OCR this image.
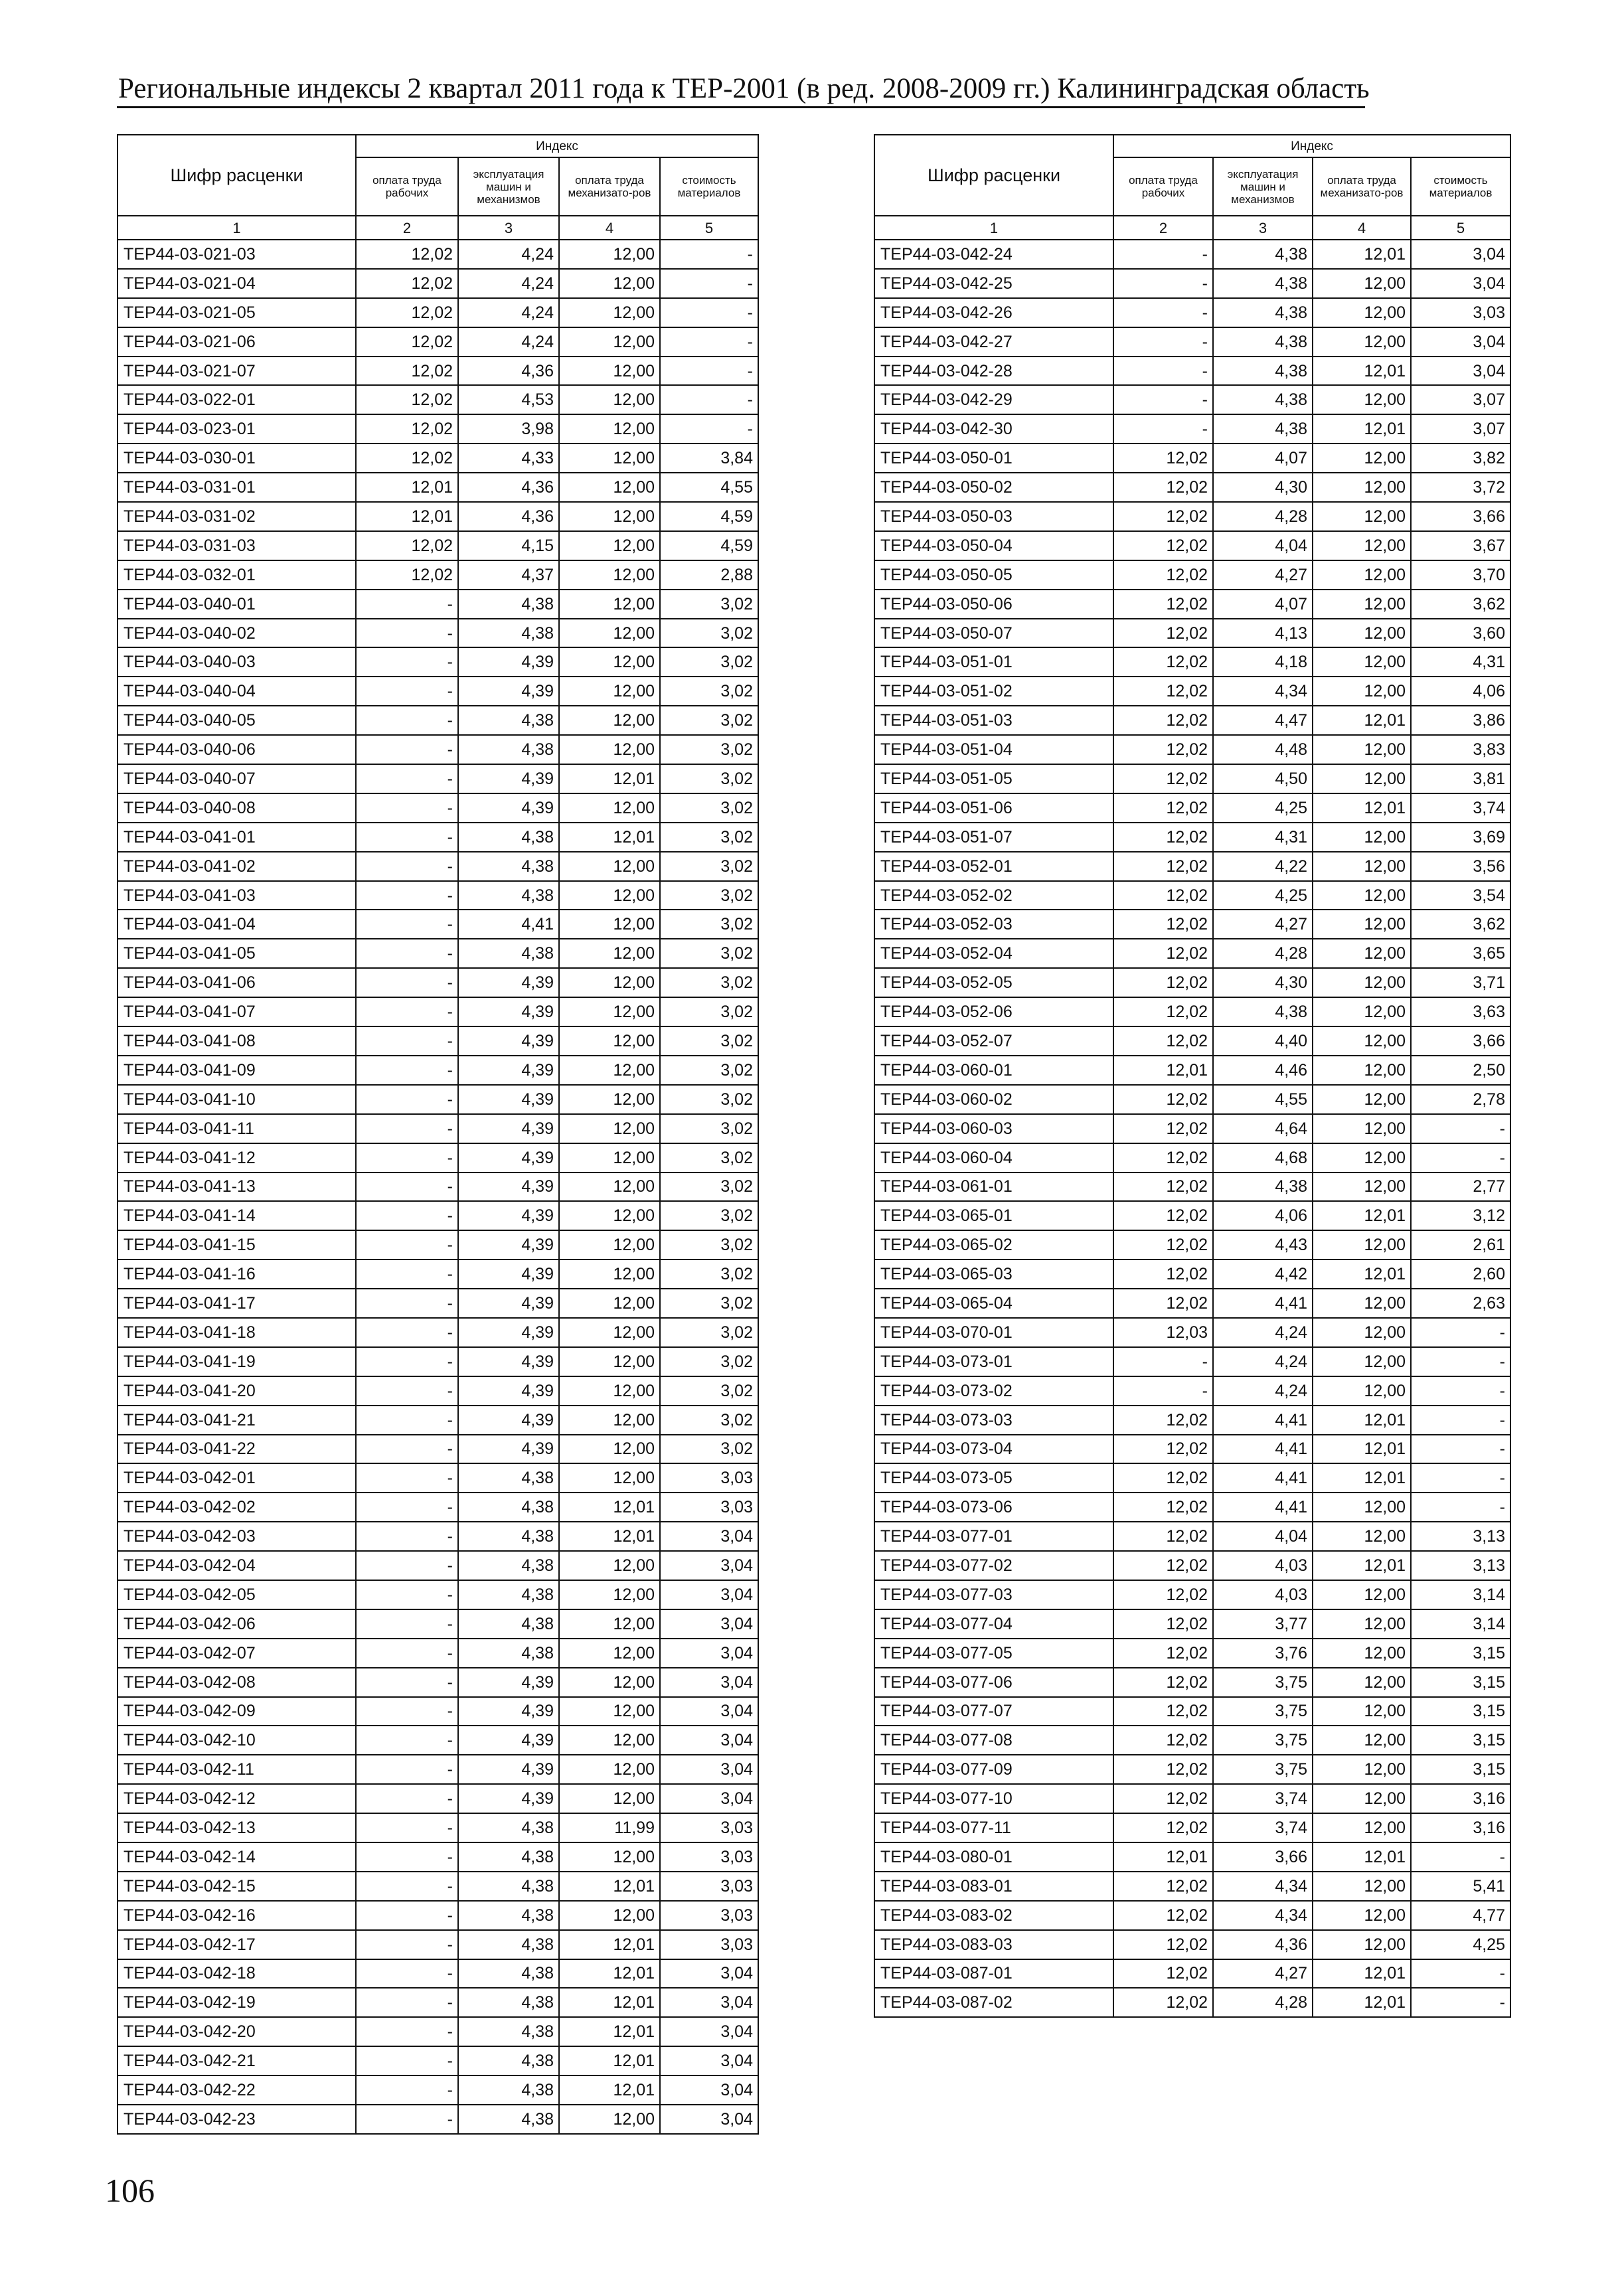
Региональные индексы 2 квартал 2011 года к ТЕР-2001 (в ред. 2008-2009 гг.) Калининградская область
Шифр расценки	Индекс			
	оплата труда рабочих	эксплуатация машин и механизмов	оплата труда механизато-ров	стоимость материалов
1	2	3	4	5
ТЕР44-03-021-03	12,02	4,24	12,00	-
ТЕР44-03-021-04	12,02	4,24	12,00	-
ТЕР44-03-021-05	12,02	4,24	12,00	-
ТЕР44-03-021-06	12,02	4,24	12,00	-
ТЕР44-03-021-07	12,02	4,36	12,00	-
ТЕР44-03-022-01	12,02	4,53	12,00	-
ТЕР44-03-023-01	12,02	3,98	12,00	-
ТЕР44-03-030-01	12,02	4,33	12,00	3,84
ТЕР44-03-031-01	12,01	4,36	12,00	4,55
ТЕР44-03-031-02	12,01	4,36	12,00	4,59
ТЕР44-03-031-03	12,02	4,15	12,00	4,59
ТЕР44-03-032-01	12,02	4,37	12,00	2,88
ТЕР44-03-040-01	-	4,38	12,00	3,02
ТЕР44-03-040-02	-	4,38	12,00	3,02
ТЕР44-03-040-03	-	4,39	12,00	3,02
ТЕР44-03-040-04	-	4,39	12,00	3,02
ТЕР44-03-040-05	-	4,38	12,00	3,02
ТЕР44-03-040-06	-	4,38	12,00	3,02
ТЕР44-03-040-07	-	4,39	12,01	3,02
ТЕР44-03-040-08	-	4,39	12,00	3,02
ТЕР44-03-041-01	-	4,38	12,01	3,02
ТЕР44-03-041-02	-	4,38	12,00	3,02
ТЕР44-03-041-03	-	4,38	12,00	3,02
ТЕР44-03-041-04	-	4,41	12,00	3,02
ТЕР44-03-041-05	-	4,38	12,00	3,02
ТЕР44-03-041-06	-	4,39	12,00	3,02
ТЕР44-03-041-07	-	4,39	12,00	3,02
ТЕР44-03-041-08	-	4,39	12,00	3,02
ТЕР44-03-041-09	-	4,39	12,00	3,02
ТЕР44-03-041-10	-	4,39	12,00	3,02
ТЕР44-03-041-11	-	4,39	12,00	3,02
ТЕР44-03-041-12	-	4,39	12,00	3,02
ТЕР44-03-041-13	-	4,39	12,00	3,02
ТЕР44-03-041-14	-	4,39	12,00	3,02
ТЕР44-03-041-15	-	4,39	12,00	3,02
ТЕР44-03-041-16	-	4,39	12,00	3,02
ТЕР44-03-041-17	-	4,39	12,00	3,02
ТЕР44-03-041-18	-	4,39	12,00	3,02
ТЕР44-03-041-19	-	4,39	12,00	3,02
ТЕР44-03-041-20	-	4,39	12,00	3,02
ТЕР44-03-041-21	-	4,39	12,00	3,02
ТЕР44-03-041-22	-	4,39	12,00	3,02
ТЕР44-03-042-01	-	4,38	12,00	3,03
ТЕР44-03-042-02	-	4,38	12,01	3,03
ТЕР44-03-042-03	-	4,38	12,01	3,04
ТЕР44-03-042-04	-	4,38	12,00	3,04
ТЕР44-03-042-05	-	4,38	12,00	3,04
ТЕР44-03-042-06	-	4,38	12,00	3,04
ТЕР44-03-042-07	-	4,38	12,00	3,04
ТЕР44-03-042-08	-	4,39	12,00	3,04
ТЕР44-03-042-09	-	4,39	12,00	3,04
ТЕР44-03-042-10	-	4,39	12,00	3,04
ТЕР44-03-042-11	-	4,39	12,00	3,04
ТЕР44-03-042-12	-	4,39	12,00	3,04
ТЕР44-03-042-13	-	4,38	11,99	3,03
ТЕР44-03-042-14	-	4,38	12,00	3,03
ТЕР44-03-042-15	-	4,38	12,01	3,03
ТЕР44-03-042-16	-	4,38	12,00	3,03
ТЕР44-03-042-17	-	4,38	12,01	3,03
ТЕР44-03-042-18	-	4,38	12,01	3,04
ТЕР44-03-042-19	-	4,38	12,01	3,04
ТЕР44-03-042-20	-	4,38	12,01	3,04
ТЕР44-03-042-21	-	4,38	12,01	3,04
ТЕР44-03-042-22	-	4,38	12,01	3,04
ТЕР44-03-042-23	-	4,38	12,00	3,04
Шифр расценки	Индекс			
	оплата труда рабочих	эксплуатация машин и механизмов	оплата труда механизато-ров	стоимость материалов
1	2	3	4	5
ТЕР44-03-042-24	-	4,38	12,01	3,04
ТЕР44-03-042-25	-	4,38	12,00	3,04
ТЕР44-03-042-26	-	4,38	12,00	3,03
ТЕР44-03-042-27	-	4,38	12,00	3,04
ТЕР44-03-042-28	-	4,38	12,01	3,04
ТЕР44-03-042-29	-	4,38	12,00	3,07
ТЕР44-03-042-30	-	4,38	12,01	3,07
ТЕР44-03-050-01	12,02	4,07	12,00	3,82
ТЕР44-03-050-02	12,02	4,30	12,00	3,72
ТЕР44-03-050-03	12,02	4,28	12,00	3,66
ТЕР44-03-050-04	12,02	4,04	12,00	3,67
ТЕР44-03-050-05	12,02	4,27	12,00	3,70
ТЕР44-03-050-06	12,02	4,07	12,00	3,62
ТЕР44-03-050-07	12,02	4,13	12,00	3,60
ТЕР44-03-051-01	12,02	4,18	12,00	4,31
ТЕР44-03-051-02	12,02	4,34	12,00	4,06
ТЕР44-03-051-03	12,02	4,47	12,01	3,86
ТЕР44-03-051-04	12,02	4,48	12,00	3,83
ТЕР44-03-051-05	12,02	4,50	12,00	3,81
ТЕР44-03-051-06	12,02	4,25	12,01	3,74
ТЕР44-03-051-07	12,02	4,31	12,00	3,69
ТЕР44-03-052-01	12,02	4,22	12,00	3,56
ТЕР44-03-052-02	12,02	4,25	12,00	3,54
ТЕР44-03-052-03	12,02	4,27	12,00	3,62
ТЕР44-03-052-04	12,02	4,28	12,00	3,65
ТЕР44-03-052-05	12,02	4,30	12,00	3,71
ТЕР44-03-052-06	12,02	4,38	12,00	3,63
ТЕР44-03-052-07	12,02	4,40	12,00	3,66
ТЕР44-03-060-01	12,01	4,46	12,00	2,50
ТЕР44-03-060-02	12,02	4,55	12,00	2,78
ТЕР44-03-060-03	12,02	4,64	12,00	-
ТЕР44-03-060-04	12,02	4,68	12,00	-
ТЕР44-03-061-01	12,02	4,38	12,00	2,77
ТЕР44-03-065-01	12,02	4,06	12,01	3,12
ТЕР44-03-065-02	12,02	4,43	12,00	2,61
ТЕР44-03-065-03	12,02	4,42	12,01	2,60
ТЕР44-03-065-04	12,02	4,41	12,00	2,63
ТЕР44-03-070-01	12,03	4,24	12,00	-
ТЕР44-03-073-01	-	4,24	12,00	-
ТЕР44-03-073-02	-	4,24	12,00	-
ТЕР44-03-073-03	12,02	4,41	12,01	-
ТЕР44-03-073-04	12,02	4,41	12,01	-
ТЕР44-03-073-05	12,02	4,41	12,01	-
ТЕР44-03-073-06	12,02	4,41	12,00	-
ТЕР44-03-077-01	12,02	4,04	12,00	3,13
ТЕР44-03-077-02	12,02	4,03	12,01	3,13
ТЕР44-03-077-03	12,02	4,03	12,00	3,14
ТЕР44-03-077-04	12,02	3,77	12,00	3,14
ТЕР44-03-077-05	12,02	3,76	12,00	3,15
ТЕР44-03-077-06	12,02	3,75	12,00	3,15
ТЕР44-03-077-07	12,02	3,75	12,00	3,15
ТЕР44-03-077-08	12,02	3,75	12,00	3,15
ТЕР44-03-077-09	12,02	3,75	12,00	3,15
ТЕР44-03-077-10	12,02	3,74	12,00	3,16
ТЕР44-03-077-11	12,02	3,74	12,00	3,16
ТЕР44-03-080-01	12,01	3,66	12,01	-
ТЕР44-03-083-01	12,02	4,34	12,00	5,41
ТЕР44-03-083-02	12,02	4,34	12,00	4,77
ТЕР44-03-083-03	12,02	4,36	12,00	4,25
ТЕР44-03-087-01	12,02	4,27	12,01	-
ТЕР44-03-087-02	12,02	4,28	12,01	-
106
